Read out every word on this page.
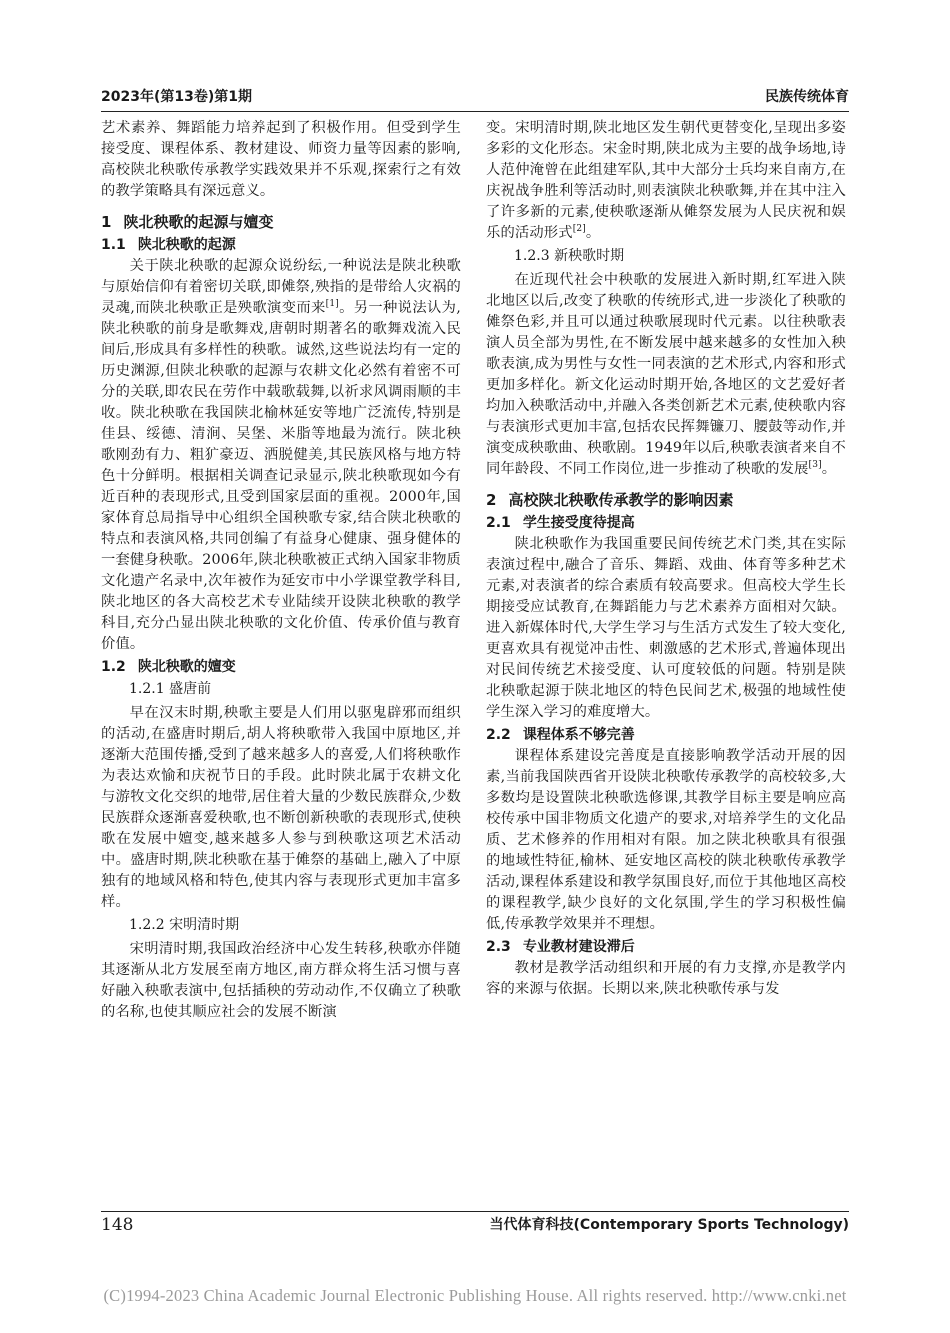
2023年(第13卷)第1期	民族传统体育

艺术素养、舞蹈能力培养起到了积极作用。但受到学生接受度、课程体系、教材建设、师资力量等因素的影响,高校陕北秧歌传承教学实践效果并不乐观,探索行之有效的教学策略具有深远意义。

1 陕北秧歌的起源与嬗变
1.1 陕北秧歌的起源

关于陕北秧歌的起源众说纷纭,一种说法是陕北秧歌与原始信仰有着密切关联,即傩祭,殃指的是带给人灾祸的灵魂,而陕北秧歌正是殃歌演变而来[1]。另一种说法认为,陕北秧歌的前身是歌舞戏,唐朝时期著名的歌舞戏流入民间后,形成具有多样性的秧歌。诚然,这些说法均有一定的历史渊源,但陕北秧歌的起源与农耕文化必然有着密不可分的关联,即农民在劳作中载歌载舞,以祈求风调雨顺的丰收。陕北秧歌在我国陕北榆林延安等地广泛流传,特别是佳县、绥德、清涧、吴堡、米脂等地最为流行。陕北秧歌刚劲有力、粗犷豪迈、洒脱健美,其民族风格与地方特色十分鲜明。根据相关调查记录显示,陕北秧歌现如今有近百种的表现形式,且受到国家层面的重视。2000年,国家体育总局指导中心组织全国秧歌专家,结合陕北秧歌的特点和表演风格,共同创编了有益身心健康、强身健体的一套健身秧歌。2006年,陕北秧歌被正式纳入国家非物质文化遗产名录中,次年被作为延安市中小学课堂教学科目,陕北地区的各大高校艺术专业陆续开设陕北秧歌的教学科目,充分凸显出陕北秧歌的文化价值、传承价值与教育价值。

1.2 陕北秧歌的嬗变
1.2.1 盛唐前

早在汉末时期,秧歌主要是人们用以驱鬼辟邪而组织的活动,在盛唐时期后,胡人将秧歌带入我国中原地区,并逐渐大范围传播,受到了越来越多人的喜爱,人们将秧歌作为表达欢愉和庆祝节日的手段。此时陕北属于农耕文化与游牧文化交织的地带,居住着大量的少数民族群众,少数民族群众逐渐喜爱秧歌,也不断创新秧歌的表现形式,使秧歌在发展中嬗变,越来越多人参与到秧歌这项艺术活动中。盛唐时期,陕北秧歌在基于傩祭的基础上,融入了中原独有的地域风格和特色,使其内容与表现形式更加丰富多样。

1.2.2 宋明清时期

宋明清时期,我国政治经济中心发生转移,秧歌亦伴随其逐渐从北方发展至南方地区,南方群众将生活习惯与喜好融入秧歌表演中,包括插秧的劳动动作,不仅确立了秧歌的名称,也使其顺应社会的发展不断演

变。宋明清时期,陕北地区发生朝代更替变化,呈现出多姿多彩的文化形态。宋金时期,陕北成为主要的战争场地,诗人范仲淹曾在此组建军队,其中大部分士兵均来自南方,在庆祝战争胜利等活动时,则表演陕北秧歌舞,并在其中注入了许多新的元素,使秧歌逐渐从傩祭发展为人民庆祝和娱乐的活动形式[2]。

1.2.3 新秧歌时期

在近现代社会中秧歌的发展进入新时期,红军进入陕北地区以后,改变了秧歌的传统形式,进一步淡化了秧歌的傩祭色彩,并且可以通过秧歌展现时代元素。以往秧歌表演人员全部为男性,在不断发展中越来越多的女性加入秧歌表演,成为男性与女性一同表演的艺术形式,内容和形式更加多样化。新文化运动时期开始,各地区的文艺爱好者均加入秧歌活动中,并融入各类创新艺术元素,使秧歌内容与表演形式更加丰富,包括农民挥舞镰刀、腰鼓等动作,并演变成秧歌曲、秧歌剧。1949年以后,秧歌表演者来自不同年龄段、不同工作岗位,进一步推动了秧歌的发展[3]。

2 高校陕北秧歌传承教学的影响因素
2.1 学生接受度待提高

陕北秧歌作为我国重要民间传统艺术门类,其在实际表演过程中,融合了音乐、舞蹈、戏曲、体育等多种艺术元素,对表演者的综合素质有较高要求。但高校大学生长期接受应试教育,在舞蹈能力与艺术素养方面相对欠缺。进入新媒体时代,大学生学习与生活方式发生了较大变化,更喜欢具有视觉冲击性、刺激感的艺术形式,普遍体现出对民间传统艺术接受度、认可度较低的问题。特别是陕北秧歌起源于陕北地区的特色民间艺术,极强的地域性使学生深入学习的难度增大。

2.2 课程体系不够完善

课程体系建设完善度是直接影响教学活动开展的因素,当前我国陕西省开设陕北秧歌传承教学的高校较多,大多数均是设置陕北秧歌选修课,其教学目标主要是响应高校传承中国非物质文化遗产的要求,对培养学生的文化品质、艺术修养的作用相对有限。加之陕北秧歌具有很强的地域性特征,榆林、延安地区高校的陕北秧歌传承教学活动,课程体系建设和教学氛围良好,而位于其他地区高校的课程教学,缺少良好的文化氛围,学生的学习积极性偏低,传承教学效果并不理想。

2.3 专业教材建设滞后

教材是教学活动组织和开展的有力支撑,亦是教学内容的来源与依据。长期以来,陕北秧歌传承与发

148	当代体育科技(Contemporary Sports Technology)
(C)1994-2023 China Academic Journal Electronic Publishing House. All rights reserved. http://www.cnki.net
